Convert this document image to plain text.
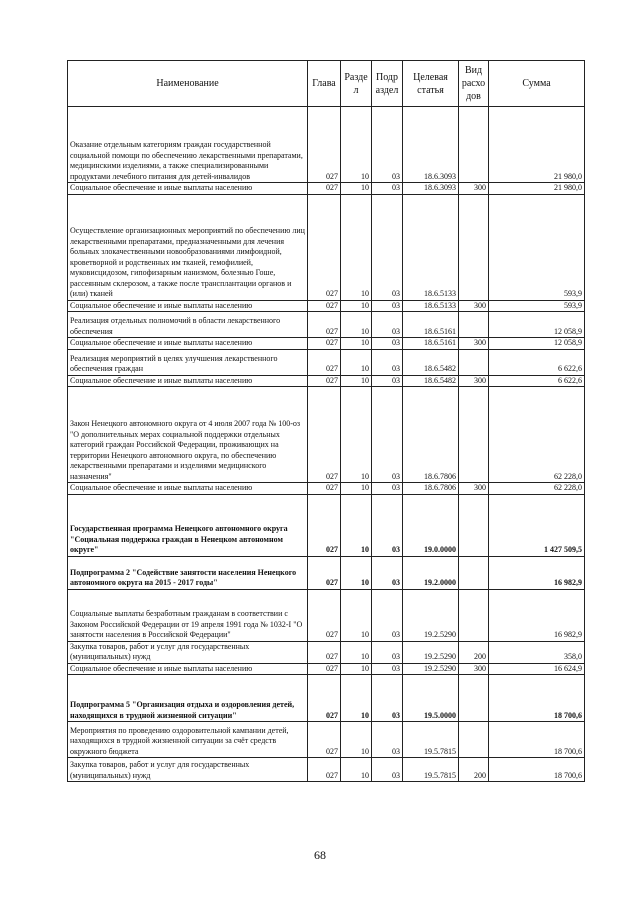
Наименование	Глава	Разде л	Подр аздел	Целевая статья	Вид расхо дов	Сумма
Оказание отдельным категориям граждан государственной социальной помощи по обеспечению лекарственными препаратами, медицинскими изделиями, а также специализированными продуктами лечебного питания для детей-инвалидов	027	10	03	18.6.3093		21 980,0
Социальное обеспечение и иные выплаты населению	027	10	03	18.6.3093	300	21 980,0
Осуществление организационных мероприятий по обеспечению лиц лекарственными препаратами, предназначенными для лечения больных злокачественными новообразованиями лимфоидной, кроветворной и родственных им тканей, гемофилией, муковисцидозом, гипофизарным нанизмом, болезнью Гоше, рассеянным склерозом, а также после трансплантации органов и (или) тканей	027	10	03	18.6.5133		593,9
Социальное обеспечение и иные выплаты населению	027	10	03	18.6.5133	300	593,9
Реализация отдельных полномочий в области лекарственного обеспечения	027	10	03	18.6.5161		12 058,9
Социальное обеспечение и иные выплаты населению	027	10	03	18.6.5161	300	12 058,9
Реализация мероприятий в целях улучшения лекарственного обеспечения граждан	027	10	03	18.6.5482		6 622,6
Социальное обеспечение и иные выплаты населению	027	10	03	18.6.5482	300	6 622,6
Закон Ненецкого автономного округа от 4 июля 2007 года № 100-оз "О дополнительных мерах социальной поддержки отдельных категорий граждан Российской Федерации, проживающих на территории Ненецкого автономного округа, по обеспечению лекарственными препаратами и изделиями медицинского назначения"	027	10	03	18.6.7806		62 228,0
Социальное обеспечение и иные выплаты населению	027	10	03	18.6.7806	300	62 228,0
Государственная программа Ненецкого автономного округа "Социальная поддержка граждан в Ненецком автономном округе"	027	10	03	19.0.0000		1 427 509,5
Подпрограмма 2 "Содействие занятости населения Ненецкого автономного округа на 2015 - 2017 годы"	027	10	03	19.2.0000		16 982,9
Социальные выплаты безработным гражданам в соответствии с Законом Российской Федерации от 19 апреля 1991 года № 1032-I "О занятости населения в Российской Федерации"	027	10	03	19.2.5290		16 982,9
Закупка товаров, работ и услуг для государственных (муниципальных) нужд	027	10	03	19.2.5290	200	358,0
Социальное обеспечение и иные выплаты населению	027	10	03	19.2.5290	300	16 624,9
Подпрограмма 5 "Организация отдыха и оздоровления детей, находящихся в трудной жизненной ситуации"	027	10	03	19.5.0000		18 700,6
Мероприятия по проведению оздоровительной кампании детей, находящихся в трудной жизненной ситуации за счёт средств окружного бюджета	027	10	03	19.5.7815		18 700,6
Закупка товаров, работ и услуг для государственных (муниципальных) нужд	027	10	03	19.5.7815	200	18 700,6
68
